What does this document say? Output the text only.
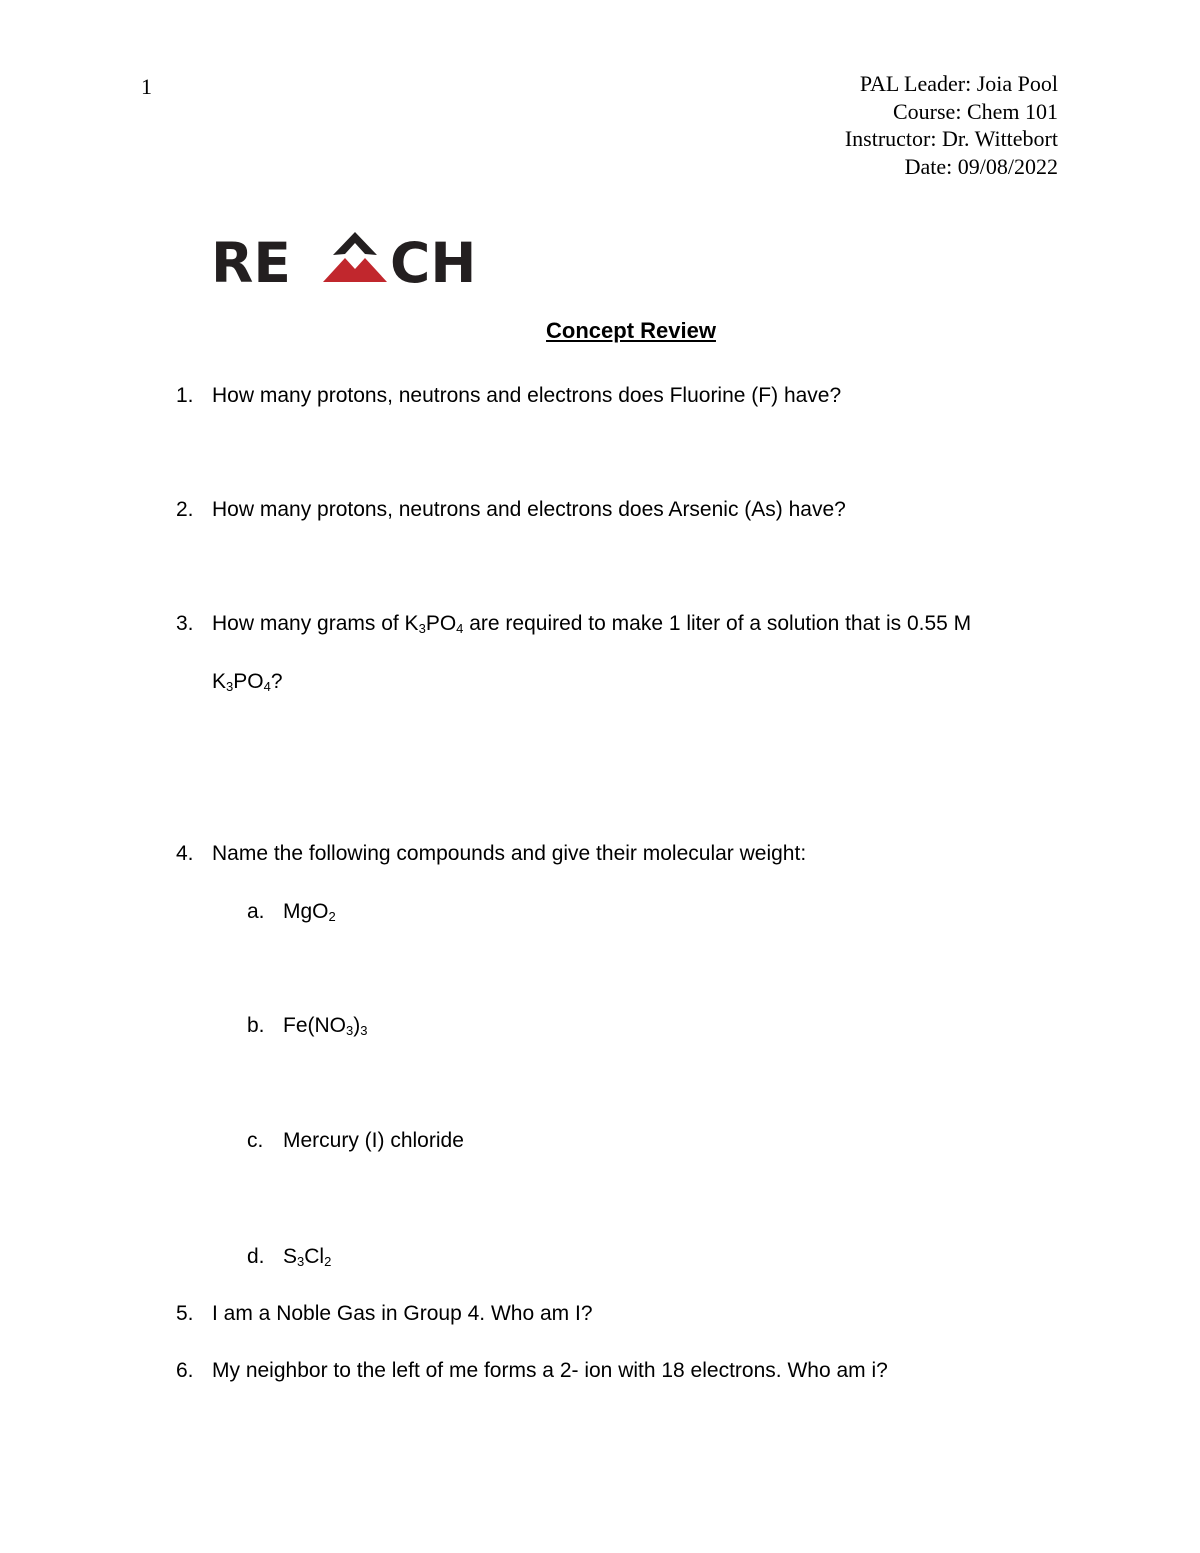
1	PAL Leader: Joia Pool
Course: Chem 101
Instructor: Dr. Wittebort
Date: 09/08/2022
RE CH
Concept Review
1. How many protons, neutrons and electrons does Fluorine (F) have?
2. How many protons, neutrons and electrons does Arsenic (As) have?
3. How many grams of $K_3PO_4$ are required to make 1 liter of a solution that is 0.55 M
$K_3PO_4$?
4. Name the following compounds and give their molecular weight:
a. MgO$_2$
b. $Fe(NO_3)_3$
c. Mercury (I) chloride
d. $S_3Cl_2$
5. I am a Noble Gas in Group 4. Who am I?
6. My neighbor to the left of me forms a 2- ion with 18 electrons. Who am i?
